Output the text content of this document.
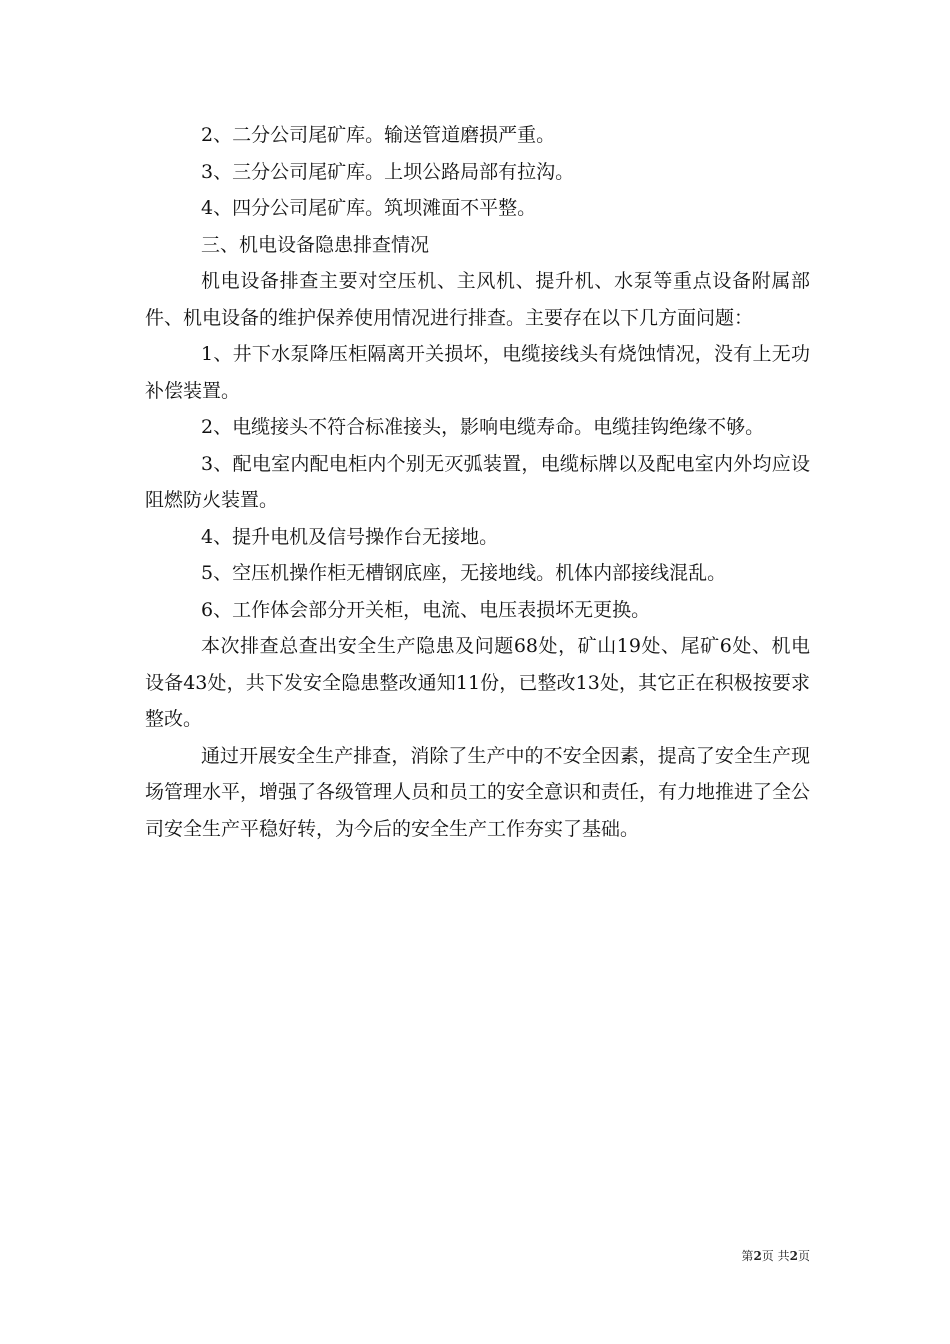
2、二分公司尾矿库。输送管道磨损严重。

3、三分公司尾矿库。上坝公路局部有拉沟。

4、四分公司尾矿库。筑坝滩面不平整。

三、机电设备隐患排查情况

机电设备排查主要对空压机、主风机、提升机、水泵等重点设备附属部件、机电设备的维护保养使用情况进行排查。主要存在以下几方面问题：

1、井下水泵降压柜隔离开关损坏，电缆接线头有烧蚀情况，没有上无功补偿装置。

2、电缆接头不符合标准接头，影响电缆寿命。电缆挂钩绝缘不够。

3、配电室内配电柜内个别无灭弧装置，电缆标牌以及配电室内外均应设阻燃防火装置。

4、提升电机及信号操作台无接地。

5、空压机操作柜无槽钢底座，无接地线。机体内部接线混乱。

6、工作体会部分开关柜，电流、电压表损坏无更换。

本次排查总查出安全生产隐患及问题68处，矿山19处、尾矿6处、机电设备43处，共下发安全隐患整改通知11份，已整改13处，其它正在积极按要求整改。

通过开展安全生产排查，消除了生产中的不安全因素，提高了安全生产现场管理水平，增强了各级管理人员和员工的安全意识和责任，有力地推进了全公司安全生产平稳好转，为今后的安全生产工作夯实了基础。

第2页 共2页
